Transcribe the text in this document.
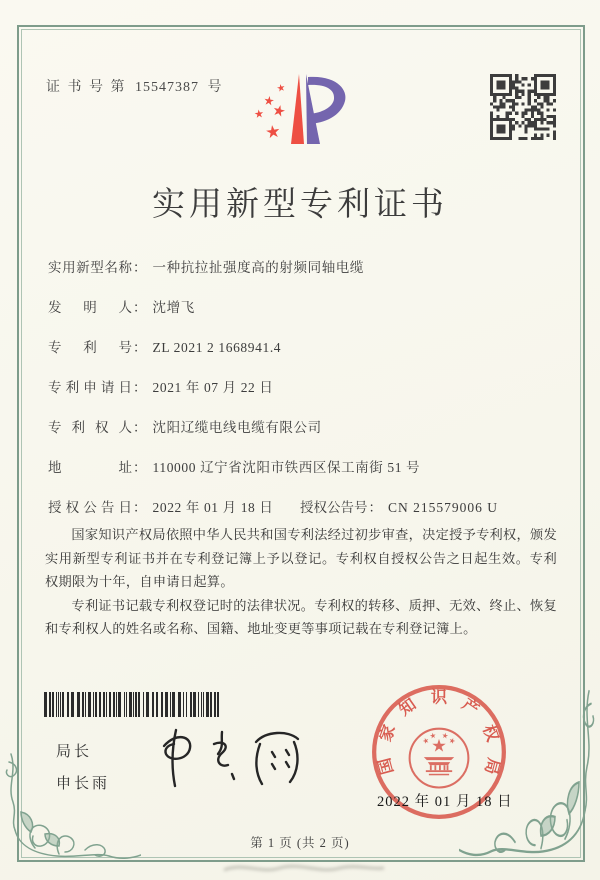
证 书 号 第 15547387 号
实用新型专利证书
实用新型名称： 一种抗拉扯强度高的射频同轴电缆
发明人： 沈增飞
专利号： ZL 2021 2 1668941.4
专利申请日： 2021 年 07 月 22 日
专利权人： 沈阳辽缆电线电缆有限公司
地址： 110000 辽宁省沈阳市铁西区保工南街 51 号
授权公告日： 2022 年 01 月 18 日 授权公告号： CN 215579006 U

国家知识产权局依照中华人民共和国专利法经过初步审查，决定授予专利权，颁发实用新型专利证书并在专利登记簿上予以登记。专利权自授权公告之日起生效。专利权期限为十年，自申请日起算。

专利证书记载专利权登记时的法律状况。专利权的转移、质押、无效、终止、恢复和专利权人的姓名或名称、国籍、地址变更等事项记载在专利登记簿上。

局长
申长雨
国
家
知 识 产
权
局
2022 年 01 月 18 日
第 1 页 (共 2 页)
